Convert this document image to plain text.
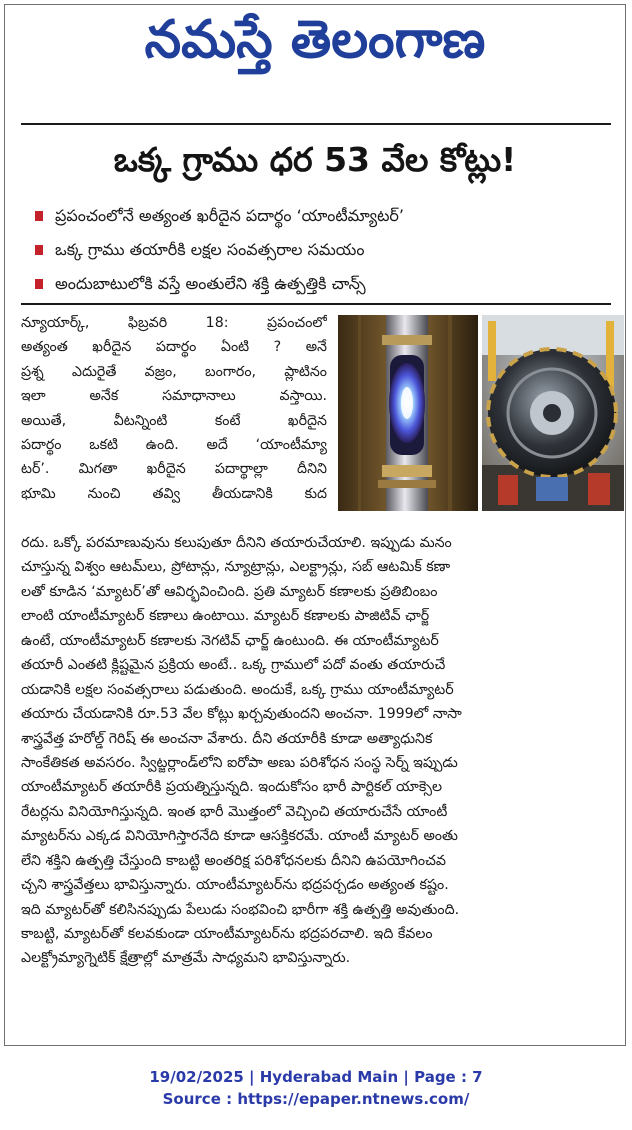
నమస్తే తెలంగాణ
ఒక్క గ్రాము ధర 53 వేల కోట్లు!
ప్రపంచంలోనే అత్యంత ఖరీదైన పదార్థం ‘యాంటీమ్యాటర్’
ఒక్క గ్రాము తయారీకి లక్షల సంవత్సరాల సమయం
అందుబాటులోకి వస్తే అంతులేని శక్తి ఉత్పత్తికి చాన్స్

న్యూయార్క్, ఫిబ్రవరి 18: ప్రపంచంలో
అత్యంత ఖరీదైన పదార్థం ఏంటి ? అనే
ప్రశ్న ఎదురైతే వజ్రం, బంగారం, ప్లాటినం
ఇలా అనేక సమాధానాలు వస్తాయి.
అయితే, వీటన్నింటి కంటే ఖరీదైన
పదార్థం ఒకటి ఉంది. అదే ‘యాంటీమ్యా
టర్’. మిగతా ఖరీదైన పదార్థాల్లా దీనిని
భూమి నుంచి తవ్వి తీయడానికి కుద

రదు. ఒక్కో పరమాణువును కలుపుతూ దీనిని తయారుచేయాలి. ఇప్పుడు మనం
చూస్తున్న విశ్వం ఆటమ్‌లు, ప్రోటాన్లు, న్యూట్రాన్లు, ఎలక్ట్రాన్లు, సబ్ ఆటమిక్ కణా
లతో కూడిన ‘మ్యాటర్’తో ఆవిర్భవించింది. ప్రతి మ్యాటర్ కణాలకు ప్రతిబింబం
లాంటి యాంటీమ్యాటర్ కణాలు ఉంటాయి. మ్యాటర్ కణాలకు పాజిటివ్ ఛార్జ్
ఉంటే, యాంటీమ్యాటర్ కణాలకు నెగటివ్ ఛార్జ్ ఉంటుంది. ఈ యాంటీమ్యాటర్
తయారీ ఎంతటి క్లిష్టమైన ప్రక్రియ అంటే.. ఒక్క గ్రాములో పదో వంతు తయారుచే
యడానికి లక్షల సంవత్సరాలు పడుతుంది. అందుకే, ఒక్క గ్రాము యాంటీమ్యాటర్
తయారు చేయడానికి రూ.53 వేల కోట్లు ఖర్చవుతుందని అంచనా. 1999లో నాసా
శాస్త్రవేత్త హరోల్డ్ గెరిష్ ఈ అంచనా వేశారు. దీని తయారీకి కూడా అత్యాధునిక
సాంకేతికత అవసరం. స్విట్జర్లాండ్‌లోని ఐరోపా అణు పరిశోధన సంస్థ సెర్న్ ఇప్పుడు
యాంటీమ్యాటర్ తయారీకి ప్రయత్నిస్తున్నది. ఇందుకోసం భారీ పార్టికల్ యాక్సెల
రేటర్లను వినియోగిస్తున్నది. ఇంత భారీ మొత్తంలో వెచ్చించి తయారుచేసే యాంటీ
మ్యాటర్‌ను ఎక్కడ వినియోగిస్తారనేది కూడా ఆసక్తికరమే. యాంటీ మ్యాటర్ అంతు
లేని శక్తిని ఉత్పత్తి చేస్తుంది కాబట్టి అంతరిక్ష పరిశోధనలకు దీనిని ఉపయోగించవ
చ్చని శాస్త్రవేత్తలు భావిస్తున్నారు. యాంటీమ్యాటర్‌ను భద్రపర్చడం అత్యంత కష్టం.
ఇది మ్యాటర్‌తో కలిసినప్పుడు పేలుడు సంభవించి భారీగా శక్తి ఉత్పత్తి అవుతుంది.
కాబట్టి, మ్యాటర్‌తో కలవకుండా యాంటీమ్యాటర్‌ను భద్రపరచాలి. ఇది కేవలం
ఎలక్ట్రోమ్యాగ్నెటిక్ క్షేత్రాల్లో మాత్రమే సాధ్యమని భావిస్తున్నారు.

19/02/2025 | Hyderabad Main | Page : 7
Source : https://epaper.ntnews.com/
